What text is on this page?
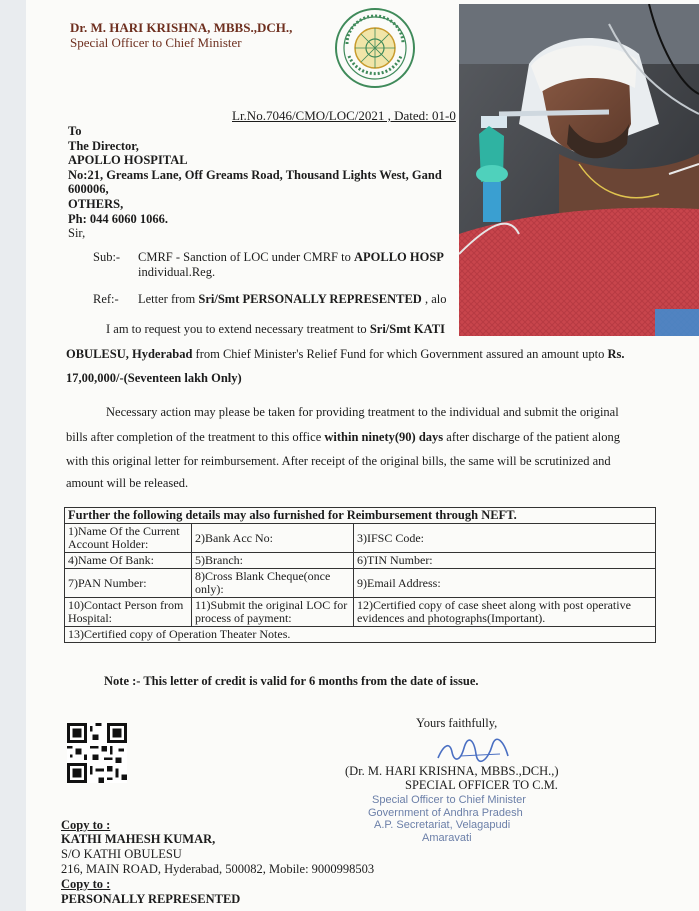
Dr. M. HARI KRISHNA, MBBS.,DCH.,
Special Officer to Chief Minister
Lr.No.7046/CMO/LOC/2021 , Dated: 01-0
To
The Director,
APOLLO HOSPITAL
No:21, Greams Lane, Off Greams Road, Thousand Lights West, Gand
600006,
OTHERS,
Ph: 044 6060 1066.
Sir,
Sub:- CMRF - Sanction of LOC under CMRF to APOLLO HOSP
individual.Reg.
Ref:- Letter from Sri/Smt PERSONALLY REPRESENTED , alo
I am to request you to extend necessary treatment to Sri/Smt KATI
OBULESU, Hyderabad from Chief Minister's Relief Fund for which Government assured an amount upto Rs.
17,00,000/-(Seventeen lakh Only)
Necessary action may please be taken for providing treatment to the individual and submit the original
bills after completion of the treatment to this office within ninety(90) days after discharge of the patient along
with this original letter for reimbursement. After receipt of the original bills, the same will be scrutinized and
amount will be released.
Further the following details may also furnished for Reimbursement through NEFT.		
1)Name Of the Current Account Holder:	2)Bank Acc No:	3)IFSC Code:
4)Name Of Bank:	5)Branch:	6)TIN Number:
7)PAN Number:	8)Cross Blank Cheque(once only):	9)Email Address:
10)Contact Person from Hospital:	11)Submit the original LOC for process of payment:	12)Certified copy of case sheet along with post operative evidences and photographs(Important).
13)Certified copy of Operation Theater Notes.		
Note :- This letter of credit is valid for 6 months from the date of issue.
Yours faithfully,
(Dr. M. HARI KRISHNA, MBBS.,DCH.,)
SPECIAL OFFICER TO C.M.
Special Officer to Chief Minister
Government of Andhra Pradesh
A.P. Secretariat, Velagapudi
Amaravati
Copy to :
KATHI MAHESH KUMAR,
S/O KATHI OBULESU
216, MAIN ROAD, Hyderabad, 500082, Mobile: 9000998503
Copy to :
PERSONALLY REPRESENTED
